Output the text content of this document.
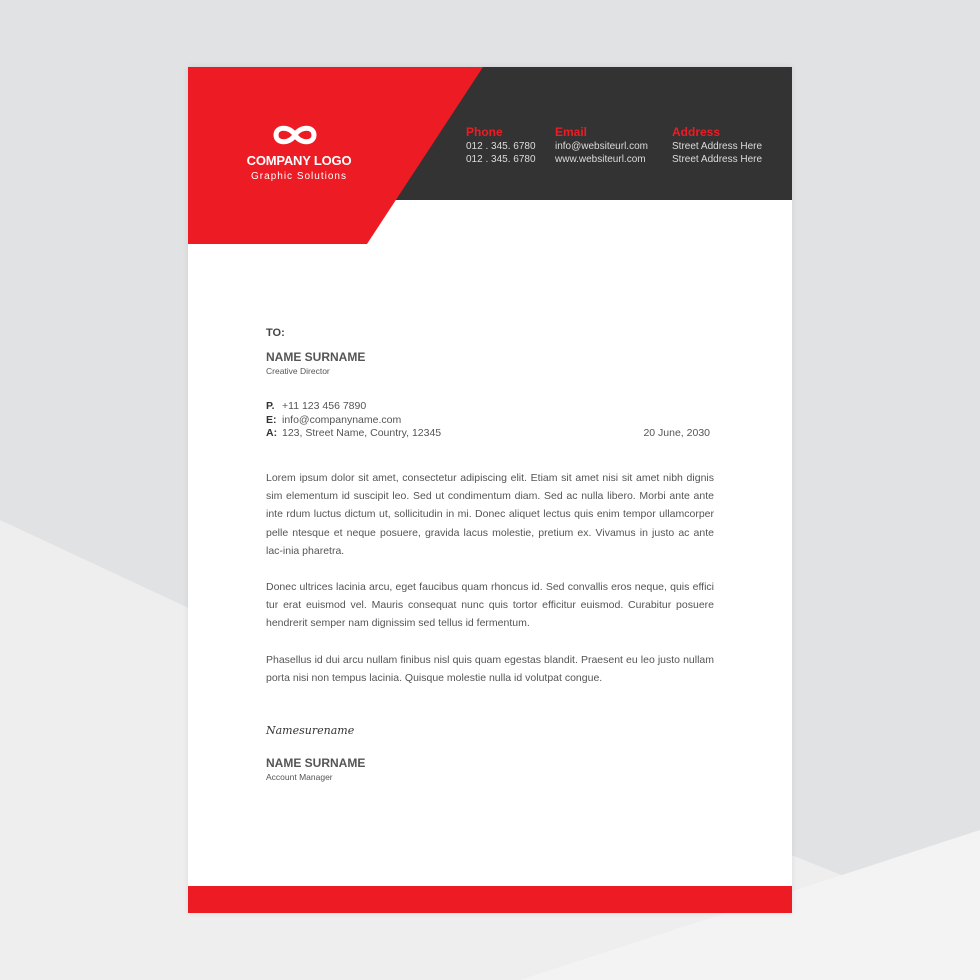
COMPANY LOGO
Graphic Solutions
Phone
012 . 345. 6780
012 . 345. 6780
Email
info@websiteurl.com
www.websiteurl.com
Address
Street Address Here
Street Address Here
TO:
NAME SURNAME
Creative Director
P. +11 123 456 7890
E: info@companyname.com
A: 123, Street Name, Country, 12345	20 June, 2030

Lorem ipsum dolor sit amet, consectetur adipiscing elit. Etiam sit amet nisi sit amet nibh dignis sim elementum id suscipit leo. Sed ut condimentum diam. Sed ac nulla libero. Morbi ante ante inte rdum luctus dictum ut, sollicitudin in mi. Donec aliquet lectus quis enim tempor ullamcorper pelle ntesque et neque posuere, gravida lacus molestie, pretium ex. Vivamus in justo ac ante lac-inia pharetra.

Donec ultrices lacinia arcu, eget faucibus quam rhoncus id. Sed convallis eros neque, quis effici tur erat euismod vel. Mauris consequat nunc quis tortor efficitur euismod. Curabitur posuere hendrerit semper nam dignissim sed tellus id fermentum.

Phasellus id dui arcu nullam finibus nisl quis quam egestas blandit. Praesent eu leo justo nullam porta nisi non tempus lacinia. Quisque molestie nulla id volutpat congue.

Namesurename
NAME SURNAME
Account Manager
